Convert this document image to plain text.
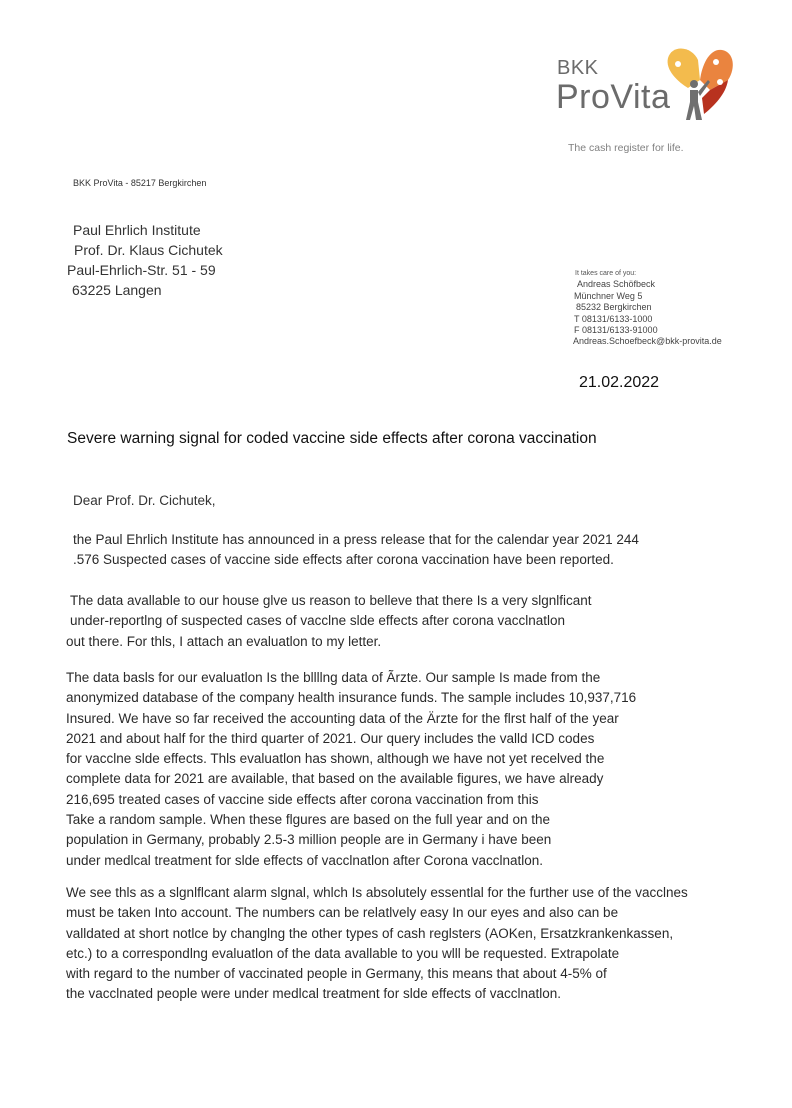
BKK
ProVita
The cash register for life.
BKK ProVita - 85217 Bergkirchen
Paul Ehrlich Institute
Prof. Dr. Klaus Cichutek
Paul-Ehrlich-Str. 51 - 59
63225 Langen
It takes care of you:
Andreas Schöfbeck
Münchner Weg 5
85232 Bergkirchen
T 08131/6133-1000
F 08131/6133-91000
Andreas.Schoefbeck@bkk-provita.de
21.02.2022
Severe warning signal for coded vaccine side effects after corona vaccination
Dear Prof. Dr. Cichutek,
the Paul Ehrlich Institute has announced in a press release that for the calendar year 2021 244
.576 Suspected cases of vaccine side effects after corona vaccination have been reported.
The data avallable to our house glve us reason to belleve that there Is a very slgnlficant
under-reportlng of suspected cases of vacclne slde effects after corona vacclnatlon
out there. For thls, I attach an evaluatlon to my letter.
The data basls for our evaluatlon Is the bllllng data of Ãrzte. Our sample Is made from the
anonymized database of the company health insurance funds. The sample includes 10,937,716
Insured. We have so far received the accounting data of the Ärzte for the flrst half of the year
2021 and about half for the third quarter of 2021. Our query includes the valld ICD codes
for vacclne slde effects. Thls evaluatlon has shown, although we have not yet recelved the
complete data for 2021 are available, that based on the available figures, we have already
216,695 treated cases of vaccine side effects after corona vaccination from this
Take a random sample. When these flgures are based on the full year and on the
population in Germany, probably 2.5-3 million people are in Germany i have been
under medlcal treatment for slde effects of vacclnatlon after Corona vacclnatlon.
We see thls as a slgnlflcant alarm slgnal, whlch Is absolutely essentlal for the further use of the vacclnes
must be taken Into account. The numbers can be relatlvely easy In our eyes and also can be
valldated at short notlce by changlng the other types of cash reglsters (AOKen, Ersatzkrankenkassen,
etc.) to a correspondlng evaluatlon of the data avallable to you wlll be requested. Extrapolate
with regard to the number of vaccinated people in Germany, this means that about 4-5% of
the vacclnated people were under medlcal treatment for slde effects of vacclnatlon.
